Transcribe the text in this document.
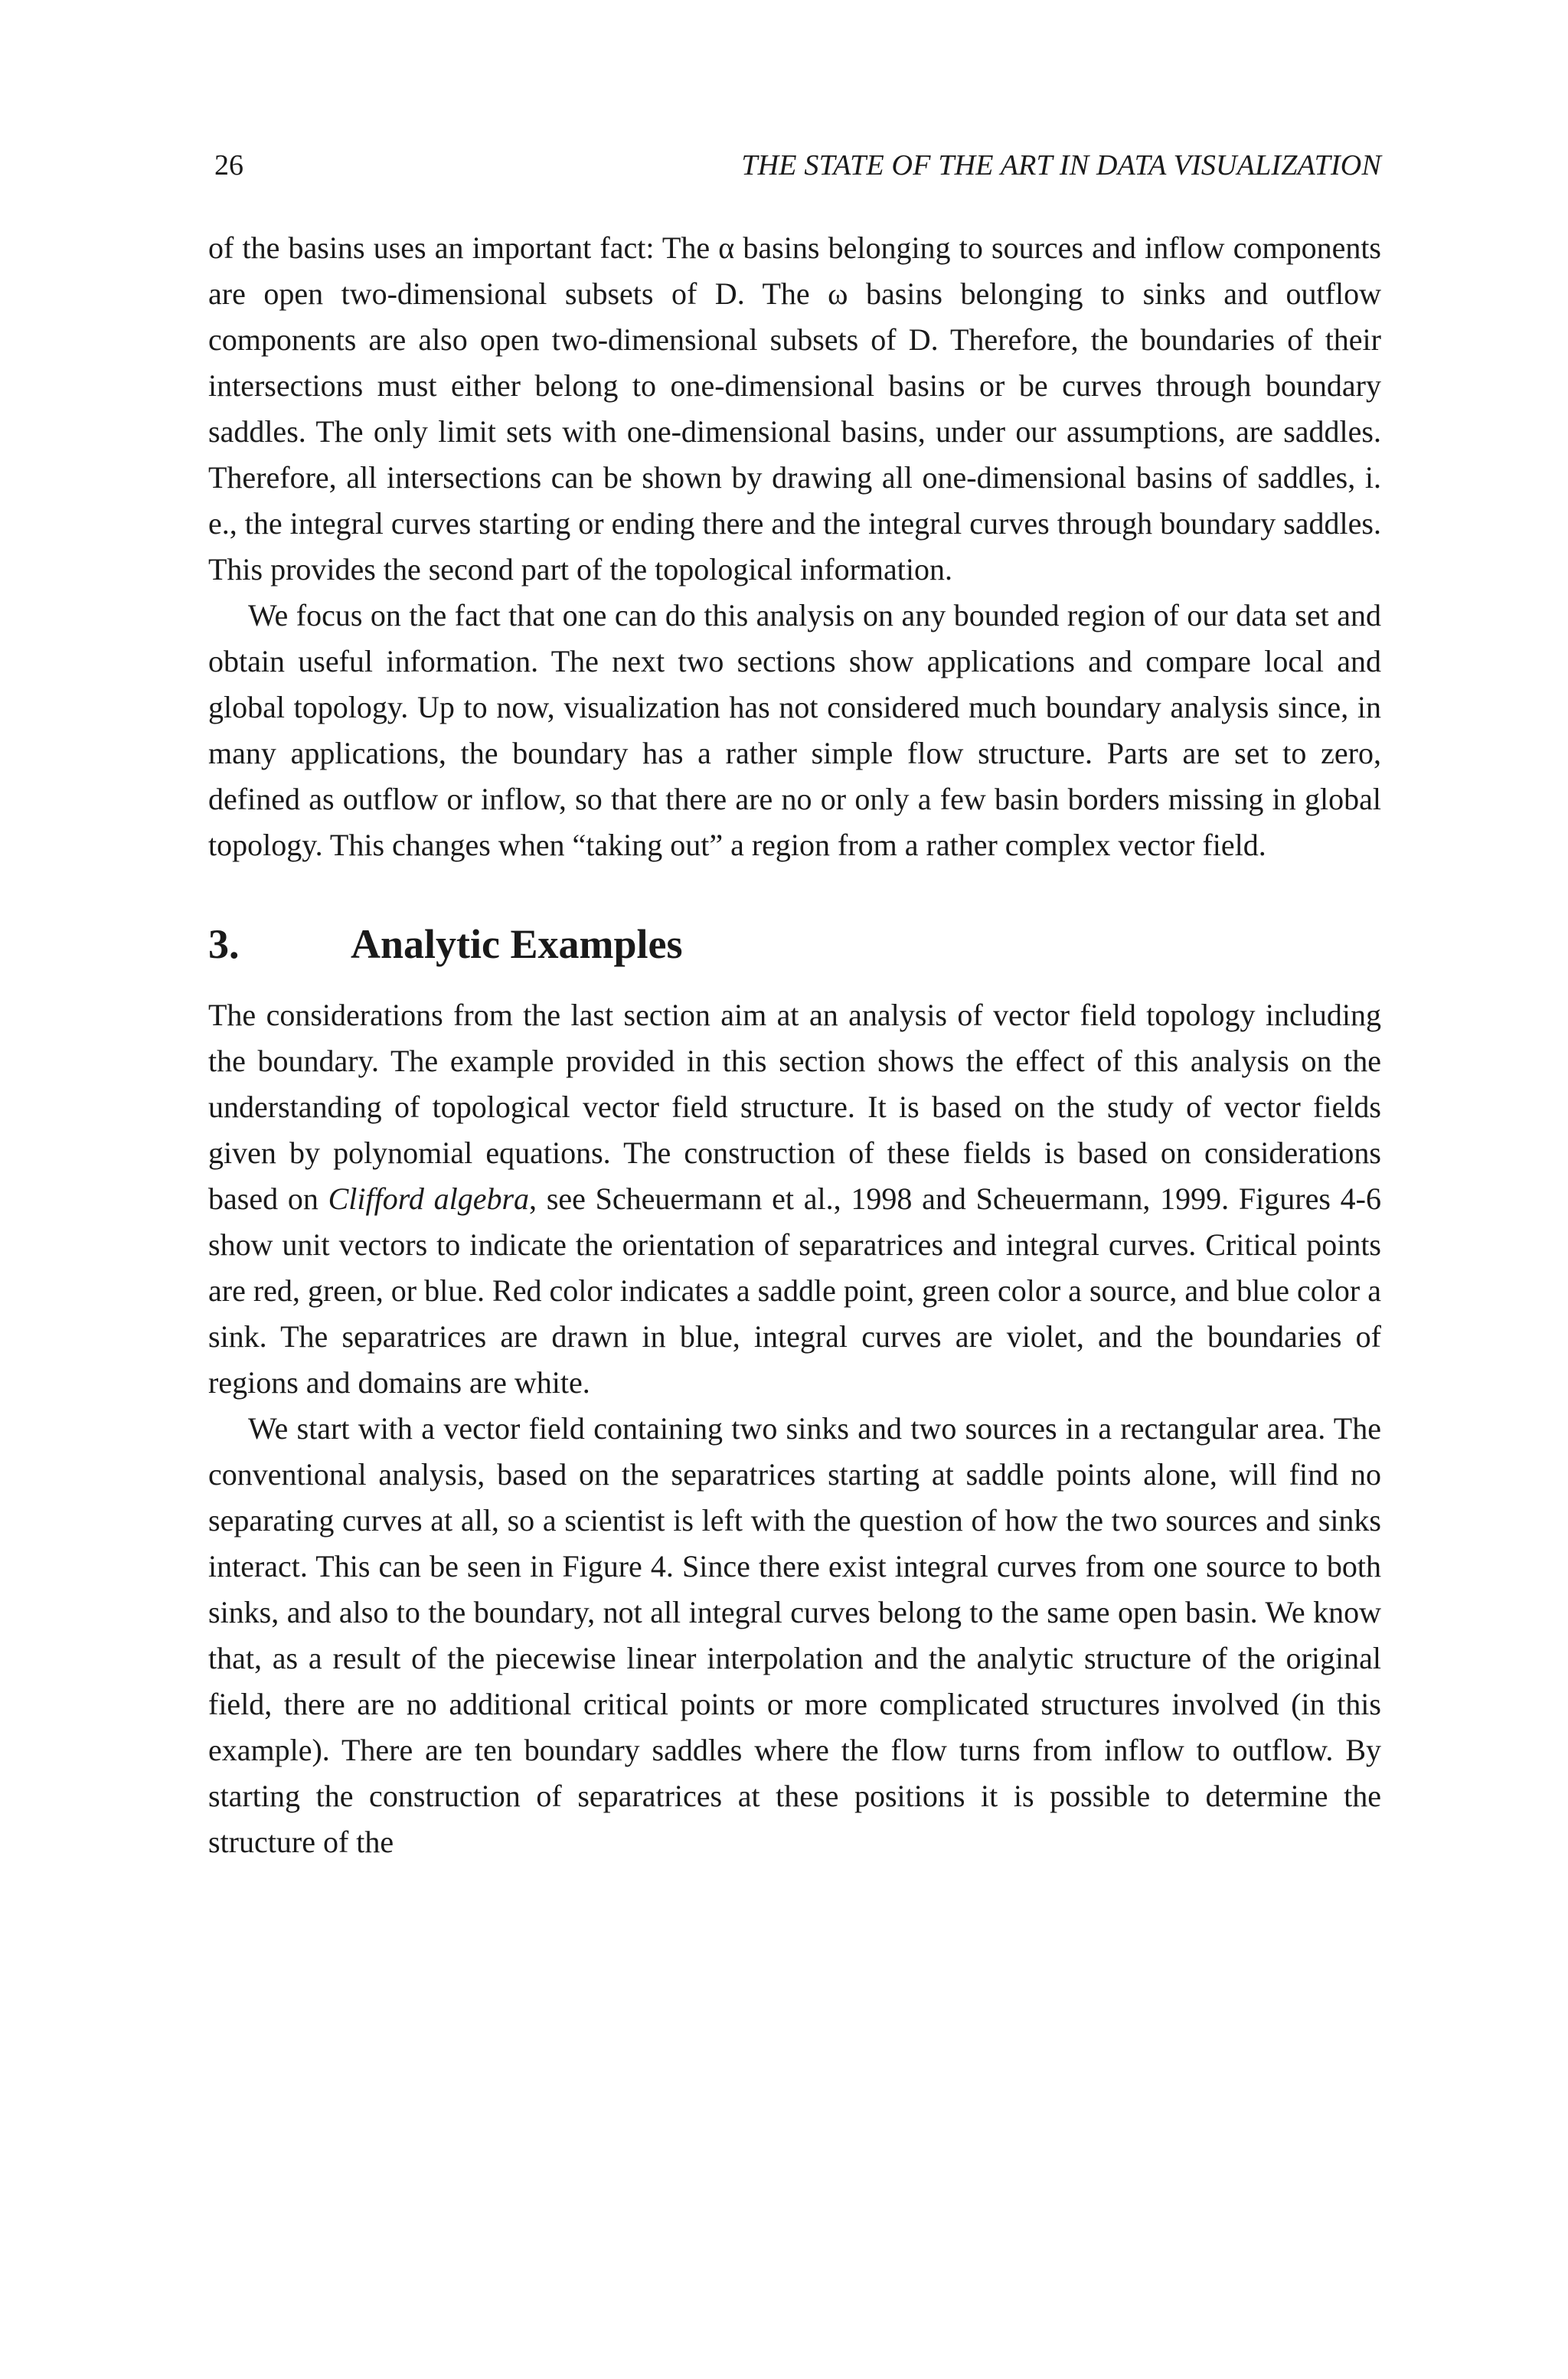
26	THE STATE OF THE ART IN DATA VISUALIZATION

of the basins uses an important fact: The α basins belonging to sources and inflow components are open two-dimensional subsets of D. The ω basins belonging to sinks and outflow components are also open two-dimensional subsets of D. Therefore, the boundaries of their intersections must either belong to one-dimensional basins or be curves through boundary saddles. The only limit sets with one-dimensional basins, under our assumptions, are saddles. Therefore, all intersections can be shown by drawing all one-dimensional basins of saddles, i. e., the integral curves starting or ending there and the integral curves through boundary saddles. This provides the second part of the topological information.

We focus on the fact that one can do this analysis on any bounded region of our data set and obtain useful information. The next two sections show applications and compare local and global topology. Up to now, visualization has not considered much boundary analysis since, in many applications, the boundary has a rather simple flow structure. Parts are set to zero, defined as outflow or inflow, so that there are no or only a few basin borders missing in global topology. This changes when “taking out” a region from a rather complex vector field.

3.	Analytic Examples

The considerations from the last section aim at an analysis of vector field topology including the boundary. The example provided in this section shows the effect of this analysis on the understanding of topological vector field structure. It is based on the study of vector fields given by polynomial equations. The construction of these fields is based on considerations based on Clifford algebra, see Scheuermann et al., 1998 and Scheuermann, 1999. Figures 4-6 show unit vectors to indicate the orientation of separatrices and integral curves. Critical points are red, green, or blue. Red color indicates a saddle point, green color a source, and blue color a sink. The separatrices are drawn in blue, integral curves are violet, and the boundaries of regions and domains are white.

We start with a vector field containing two sinks and two sources in a rectangular area. The conventional analysis, based on the separatrices starting at saddle points alone, will find no separating curves at all, so a scientist is left with the question of how the two sources and sinks interact. This can be seen in Figure 4. Since there exist integral curves from one source to both sinks, and also to the boundary, not all integral curves belong to the same open basin. We know that, as a result of the piecewise linear interpolation and the analytic structure of the original field, there are no additional critical points or more complicated structures involved (in this example). There are ten boundary saddles where the flow turns from inflow to outflow. By starting the construction of separatrices at these positions it is possible to determine the structure of the
